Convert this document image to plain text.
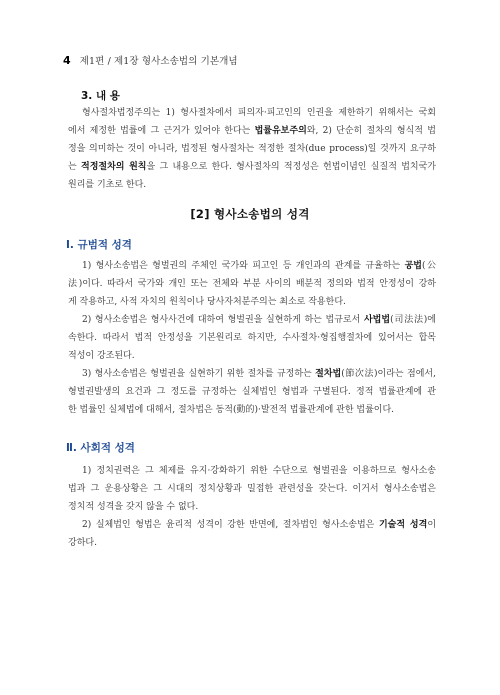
4 제1편 / 제1장 형사소송법의 기본개념
3. 내 용
형사절차법정주의는 1) 형사절차에서 피의자·피고인의 인권을 제한하기 위해서는 국회
에서 제정한 법률에 그 근거가 있어야 한다는 법률유보주의와, 2) 단순히 절차의 형식적 법
정을 의미하는 것이 아니라, 법정된 형사절차는 적정한 절차(due process)일 것까지 요구하
는 적정절차의 원칙을 그 내용으로 한다. 형사절차의 적정성은 헌법이념인 실질적 법치국가
원리를 기초로 한다.
[2] 형사소송법의 성격
Ⅰ. 규범적 성격
1) 형사소송법은 형벌권의 주체인 국가와 피고인 등 개인과의 관계를 규율하는 공법(公
法)이다. 따라서 국가와 개인 또는 전체와 부분 사이의 배분적 정의와 법적 안정성이 강하
게 작용하고, 사적 자치의 원칙이나 당사자처분주의는 최소로 작용한다.
2) 형사소송법은 형사사건에 대하여 형벌권을 실현하게 하는 법규로서 사법법(司法法)에
속한다. 따라서 법적 안정성을 기본원리로 하지만, 수사절차·형집행절차에 있어서는 합목
적성이 강조된다.
3) 형사소송법은 형벌권을 실현하기 위한 절차를 규정하는 절차법(節次法)이라는 점에서,
형벌권발생의 요건과 그 정도를 규정하는 실체법인 형법과 구별된다. 정적 법률관계에 관
한 법률인 실체법에 대해서, 절차법은 동적(動的)·발전적 법률관계에 관한 법률이다.
Ⅱ. 사회적 성격
1) 정치권력은 그 체제를 유지·강화하기 위한 수단으로 형벌권을 이용하므로 형사소송
법과 그 운용상황은 그 시대의 정치상황과 밀접한 관련성을 갖는다. 이거서 형사소송법은
정치적 성격을 갖지 않을 수 없다.
2) 실체법인 형법은 윤리적 성격이 강한 반면에, 절차법인 형사소송법은 기술적 성격이
강하다.
